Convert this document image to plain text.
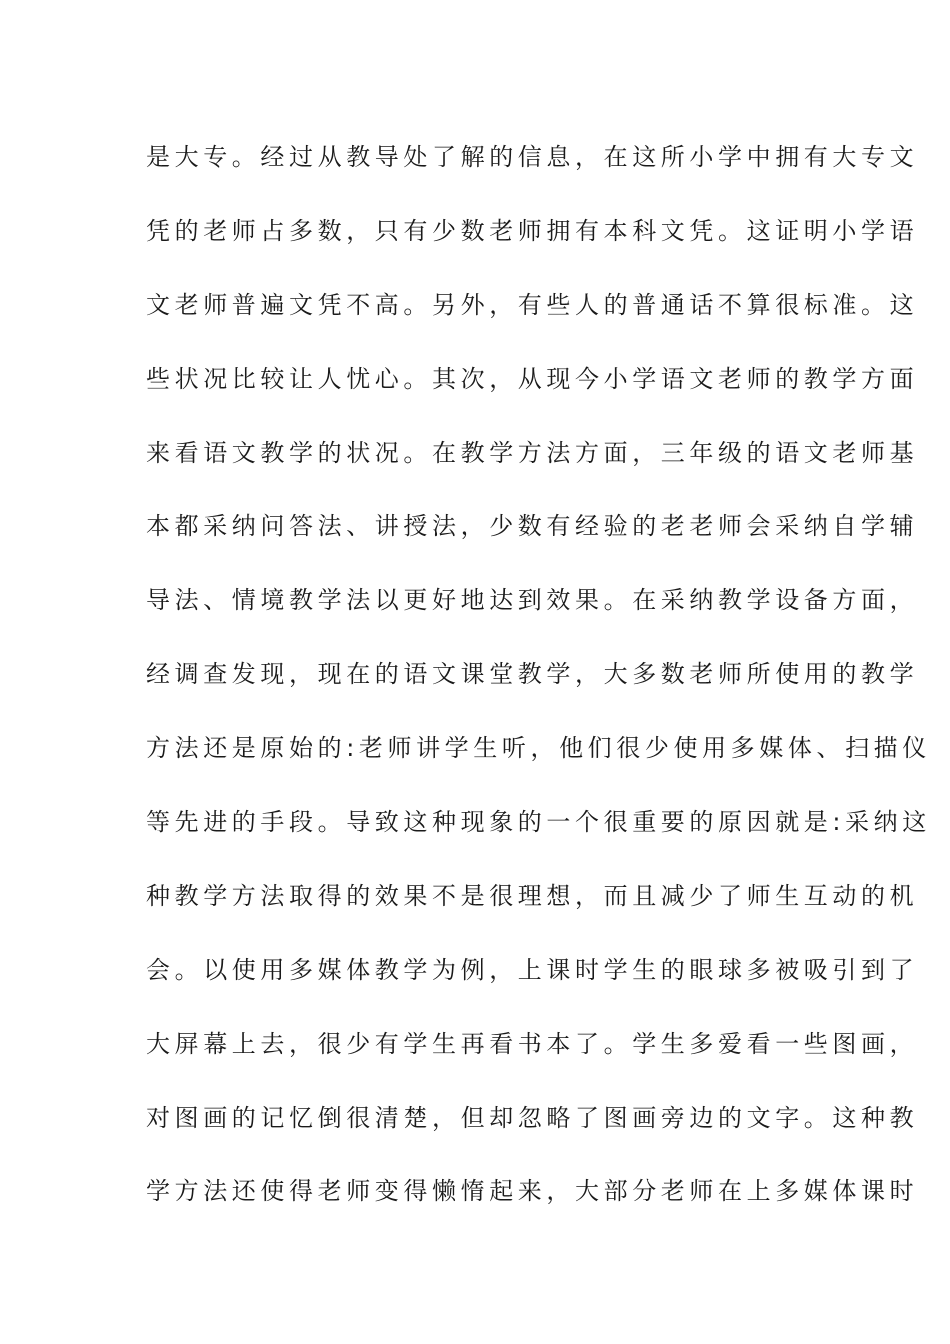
是大专。经过从教导处了解的信息，在这所小学中拥有大专文
凭的老师占多数，只有少数老师拥有本科文凭。这证明小学语
文老师普遍文凭不高。另外，有些人的普通话不算很标准。这
些状况比较让人忧心。其次，从现今小学语文老师的教学方面
来看语文教学的状况。在教学方法方面，三年级的语文老师基
本都采纳问答法、讲授法，少数有经验的老老师会采纳自学辅
导法、情境教学法以更好地达到效果。在采纳教学设备方面，
经调查发现，现在的语文课堂教学，大多数老师所使用的教学
方法还是原始的:老师讲学生听，他们很少使用多媒体、扫描仪
等先进的手段。导致这种现象的一个很重要的原因就是:采纳这
种教学方法取得的效果不是很理想，而且减少了师生互动的机
会。以使用多媒体教学为例，上课时学生的眼球多被吸引到了
大屏幕上去，很少有学生再看书本了。学生多爱看一些图画，
对图画的记忆倒很清楚，但却忽略了图画旁边的文字。这种教
学方法还使得老师变得懒惰起来，大部分老师在上多媒体课时
